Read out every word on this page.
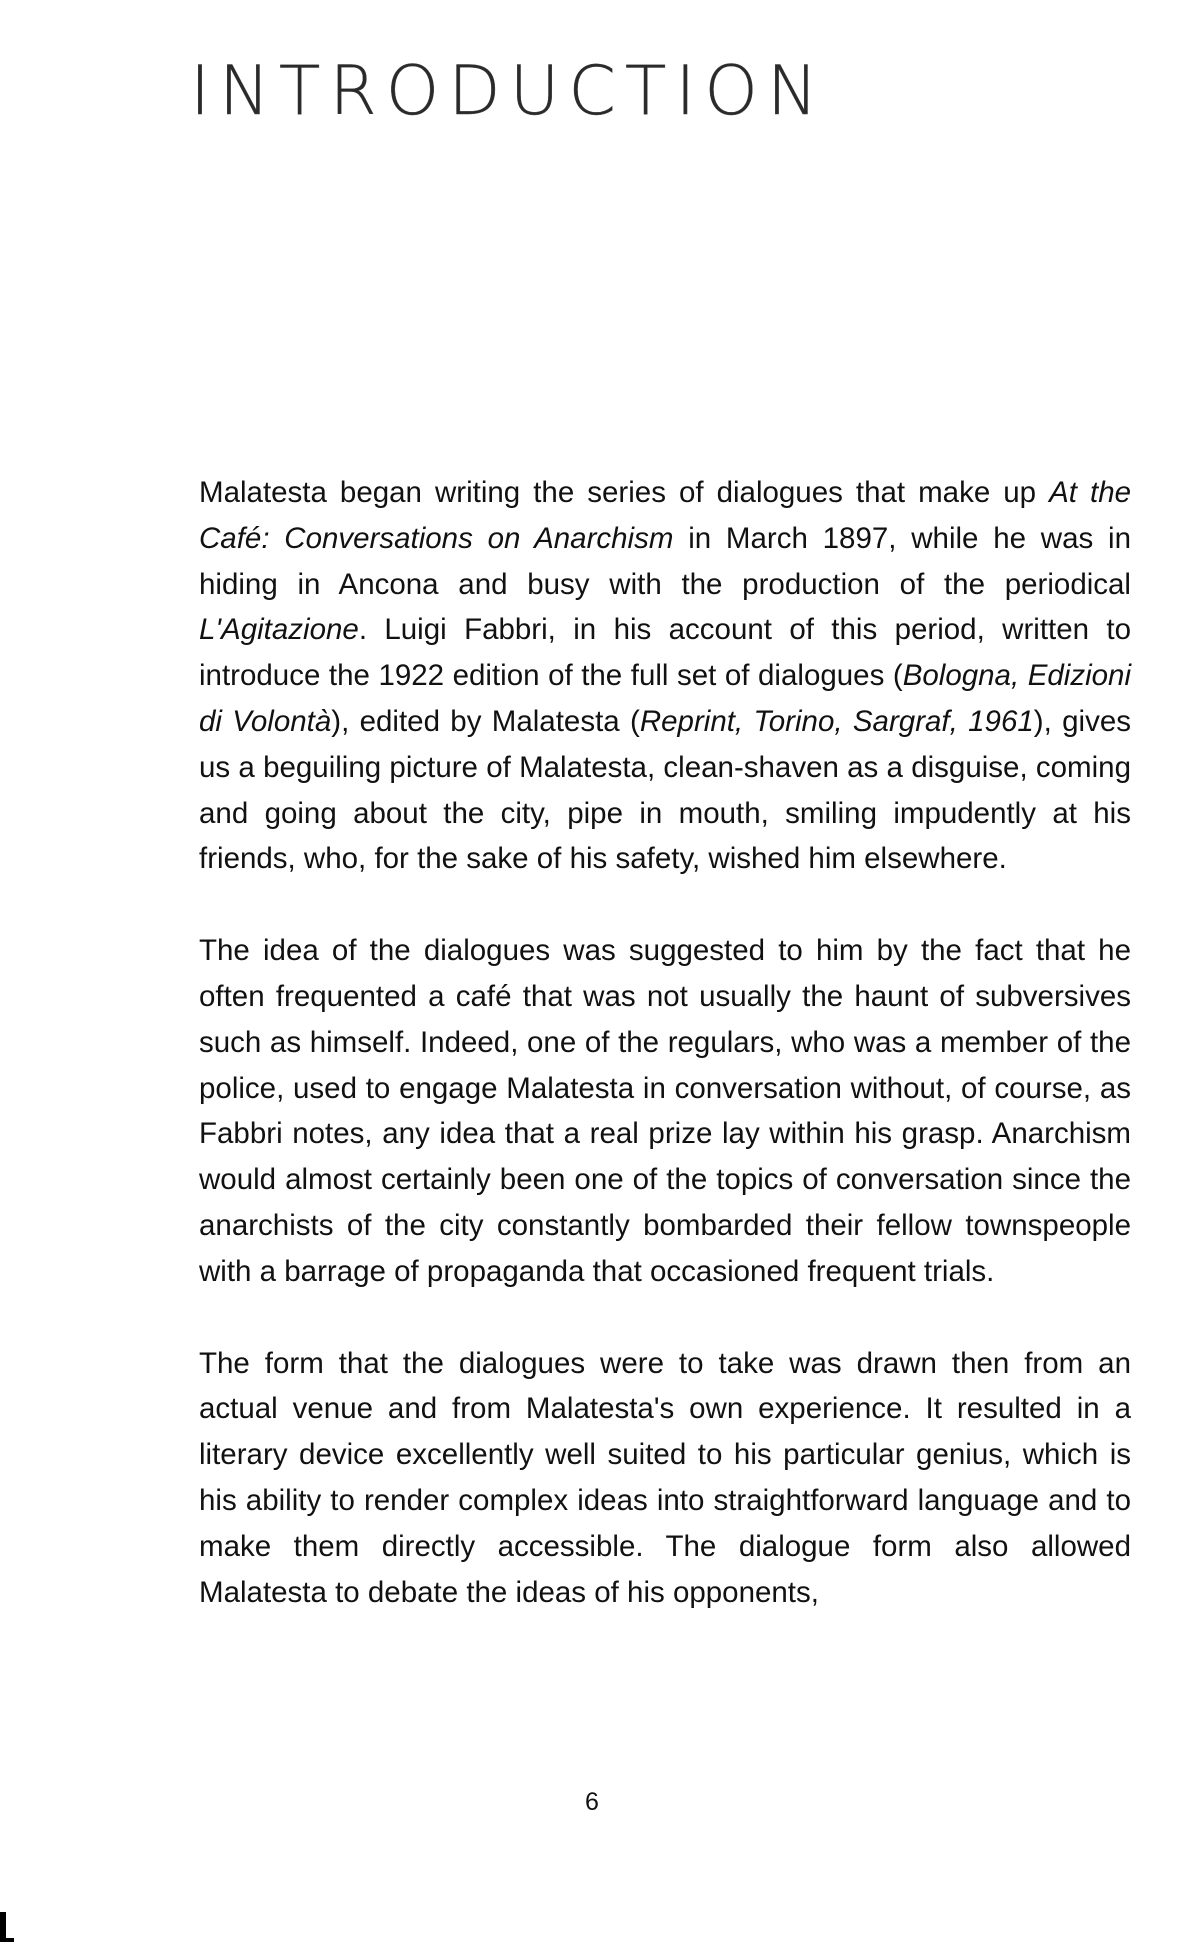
INTRODUCTION

Malatesta began writing the series of dialogues that make up At the Café: Conversations on Anarchism in March 1897, while he was in hiding in Ancona and busy with the production of the periodical L'Agitazione. Luigi Fabbri, in his account of this period, written to introduce the 1922 edition of the full set of dialogues (Bologna, Edizioni di Volontà), edited by Malatesta (Reprint, Torino, Sargraf, 1961), gives us a beguiling picture of Malatesta, clean-shaven as a disguise, coming and going about the city, pipe in mouth, smiling impudently at his friends, who, for the sake of his safety, wished him elsewhere.

The idea of the dialogues was suggested to him by the fact that he often frequented a café that was not usually the haunt of subversives such as himself. Indeed, one of the regulars, who was a member of the police, used to engage Malatesta in conversation without, of course, as Fabbri notes, any idea that a real prize lay within his grasp. Anarchism would almost certainly been one of the topics of conversation since the anarchists of the city constantly bombarded their fellow townspeople with a barrage of propaganda that occasioned frequent trials.

The form that the dialogues were to take was drawn then from an actual venue and from Malatesta's own experience. It resulted in a literary device excellently well suited to his particular genius, which is his ability to render complex ideas into straightforward language and to make them directly accessible. The dialogue form also allowed Malatesta to debate the ideas of his opponents,

6
